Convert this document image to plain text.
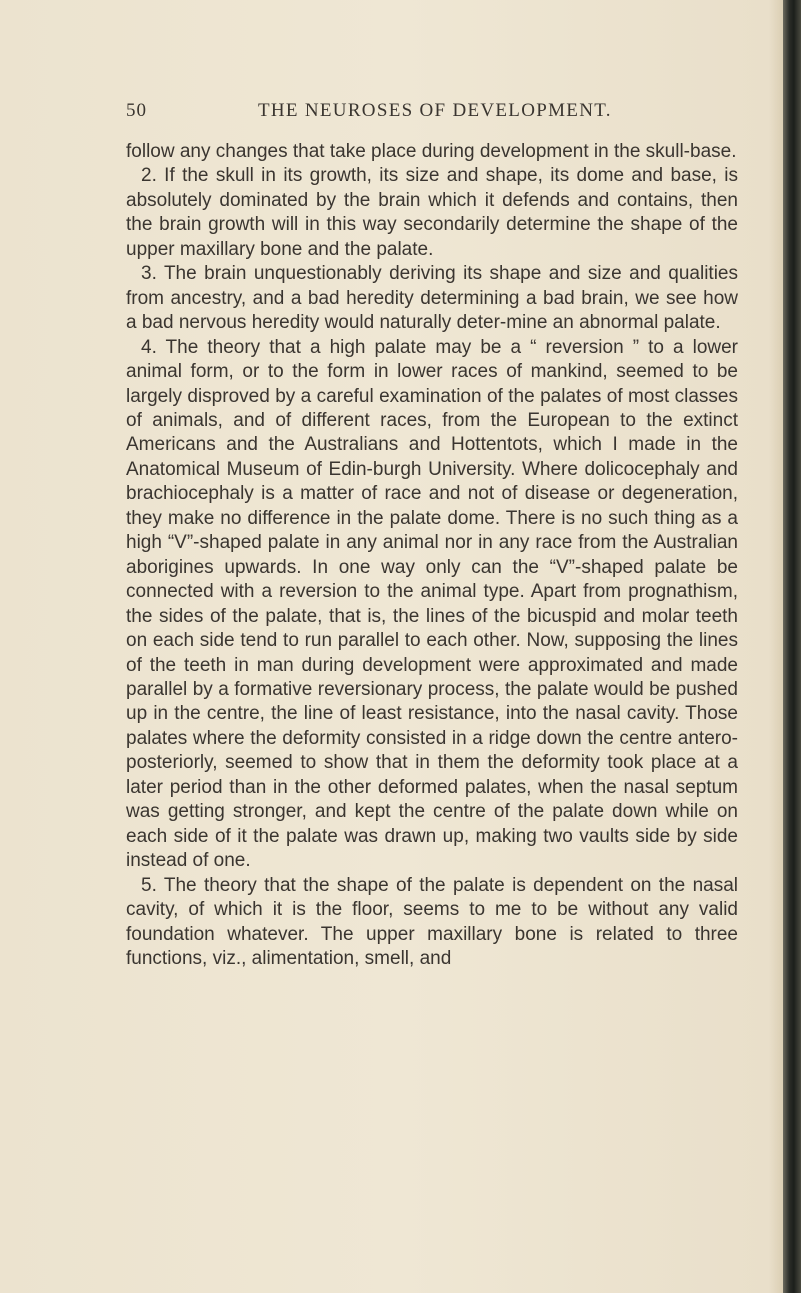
50	THE NEUROSES OF DEVELOPMENT.

follow any changes that take place during development in the skull-base.

2. If the skull in its growth, its size and shape, its dome and base, is absolutely dominated by the brain which it defends and contains, then the brain growth will in this way secondarily determine the shape of the upper maxillary bone and the palate.

3. The brain unquestionably deriving its shape and size and qualities from ancestry, and a bad heredity determining a bad brain, we see how a bad nervous heredity would naturally deter-mine an abnormal palate.

4. The theory that a high palate may be a “ reversion ” to a lower animal form, or to the form in lower races of mankind, seemed to be largely disproved by a careful examination of the palates of most classes of animals, and of different races, from the European to the extinct Americans and the Australians and Hottentots, which I made in the Anatomical Museum of Edin-burgh University. Where dolicocephaly and brachiocephaly is a matter of race and not of disease or degeneration, they make no difference in the palate dome. There is no such thing as a high “V”-shaped palate in any animal nor in any race from the Australian aborigines upwards. In one way only can the “V”-shaped palate be connected with a reversion to the animal type. Apart from prognathism, the sides of the palate, that is, the lines of the bicuspid and molar teeth on each side tend to run parallel to each other. Now, supposing the lines of the teeth in man during development were approximated and made parallel by a formative reversionary process, the palate would be pushed up in the centre, the line of least resistance, into the nasal cavity. Those palates where the deformity consisted in a ridge down the centre antero-posteriorly, seemed to show that in them the deformity took place at a later period than in the other deformed palates, when the nasal septum was getting stronger, and kept the centre of the palate down while on each side of it the palate was drawn up, making two vaults side by side instead of one.

5. The theory that the shape of the palate is dependent on the nasal cavity, of which it is the floor, seems to me to be without any valid foundation whatever. The upper maxillary bone is related to three functions, viz., alimentation, smell, and
